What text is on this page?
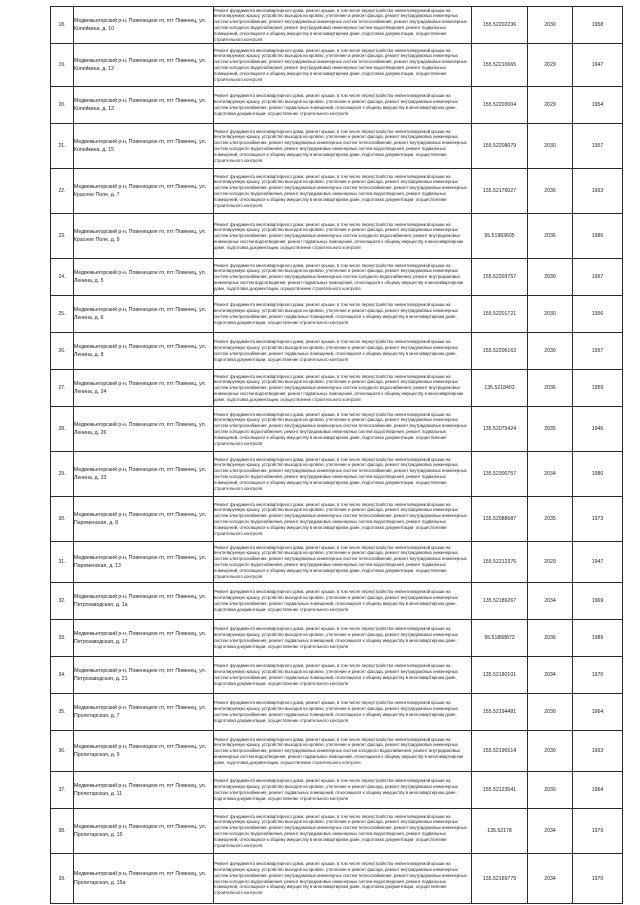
18.	Медвежьегорский р-н, Повенецкое гп, пгт Повенец, ул. Копейкина, д. 10	Ремонт фундамента многоквартирного дома, ремонт крыши, в том числе переустройство невентилируемой крыши на вентилируемую крышу, устройство выходов на кровлю, утепление и ремонт фасада, ремонт внутридомовых инженерных систем электроснабжения, ремонт внутридомовых инженерных систем теплоснабжения, ремонт внутридомовых инженерных систем холодного водоснабжения, ремонт внутридомовых инженерных систем водоотведения, ремонт подвальных помещений, относящихся к общему имуществу в многоквартирном доме, подготовка документации, осуществление строительного контроля	155.52202236	2030	1958
19.	Медвежьегорский р-н, Повенецкое гп, пгт Повенец, ул. Копейкина, д. 12	Ремонт фундамента многоквартирного дома, ремонт крыши, в том числе переустройство невентилируемой крыши на вентилируемую крышу, устройство выходов на кровлю, утепление и ремонт фасада, ремонт внутридомовых инженерных систем электроснабжения, ремонт внутридомовых инженерных систем теплоснабжения, ремонт внутридомовых инженерных систем холодного водоснабжения, ремонт внутридомовых инженерных систем водоотведения, ремонт подвальных помещений, относящихся к общему имуществу в многоквартирном доме, подготовка документации, осуществление строительного контроля	155.52210665	2029	1947
20.	Медвежьегорский р-н, Повенецкое гп, пгт Повенец, ул. Копейкина, д. 13	Ремонт фундамента многоквартирного дома, ремонт крыши, в том числе переустройство невентилируемой крыши на вентилируемую крышу, устройство выходов на кровлю, утепление и ремонт фасада, ремонт внутридомовых инженерных систем электроснабжения, ремонт подвальных помещений, относящихся к общему имуществу в многоквартирном доме, подготовка документации, осуществление строительного контроля	155.52203004	2029	1954
21.	Медвежьегорский р-н, Повенецкое гп, пгт Повенец, ул. Копейкина, д. 15	Ремонт фундамента многоквартирного дома, ремонт крыши, в том числе переустройство невентилируемой крыши на вентилируемую крышу, устройство выходов на кровлю, утепление и ремонт фасада, ремонт внутридомовых инженерных систем электроснабжения, ремонт внутридомовых инженерных систем теплоснабжения, ремонт внутридомовых инженерных систем холодного водоснабжения, ремонт внутридомовых инженерных систем водоотведения, ремонт подвальных помещений, относящихся к общему имуществу в многоквартирном доме, подготовка документации, осуществление строительного контроля	155.52208079	2030	1957
22.	Медвежьегорский р-н, Повенецкое гп, пгт Повенец, ул. Красное Поле, д. 7	Ремонт фундамента многоквартирного дома, ремонт крыши, в том числе переустройство невентилируемой крыши на вентилируемую крышу, устройство выходов на кровлю, утепление и ремонт фасада, ремонт внутридомовых инженерных систем электроснабжения, ремонт внутридомовых инженерных систем теплоснабжения, ремонт внутридомовых инженерных систем холодного водоснабжения, ремонт внутридомовых инженерных систем водоотведения, ремонт подвальных помещений, относящихся к общему имуществу в многоквартирном доме, подготовка документации, осуществление строительного контроля	135.52176027	2036	1963
23.	Медвежьегорский р-н, Повенецкое гп, пгт Повенец, ул. Красное Поле, д. 9	Ремонт фундамента многоквартирного дома, ремонт крыши, в том числе переустройство невентилируемой крыши на вентилируемую крышу, устройство выходов на кровлю, утепление и ремонт фасада, ремонт внутридомовых инженерных систем электроснабжения, ремонт внутридомовых инженерных систем холодного водоснабжения, ремонт внутридомовых инженерных систем водоотведения, ремонт подвальных помещений, относящихся к общему имуществу в многоквартирном доме, подготовка документации, осуществление строительного контроля	95.51983605	2036	1986
24.	Медвежьегорский р-н, Повенецкое гп, пгт Повенец, ул. Ленина, д. 5	Ремонт фундамента многоквартирного дома, ремонт крыши, в том числе переустройство невентилируемой крыши на вентилируемую крышу, устройство выходов на кровлю, утепление и ремонт фасада, ремонт внутридомовых инженерных систем электроснабжения, ремонт внутридомовых инженерных систем холодного водоснабжения, ремонт внутридомовых инженерных систем водоотведения, ремонт подвальных помещений, относящихся к общему имуществу в многоквартирном доме, подготовка документации, осуществление строительного контроля	155.52203757	2030	1957
25.	Медвежьегорский р-н, Повенецкое гп, пгт Повенец, ул. Ленина, д. 6	Ремонт фундамента многоквартирного дома, ремонт крыши, в том числе переустройство невентилируемой крыши на вентилируемую крышу, устройство выходов на кровлю, утепление и ремонт фасада, ремонт внутридомовых инженерных систем электроснабжения, ремонт подвальных помещений, относящихся к общему имуществу в многоквартирном доме, подготовка документации, осуществление строительного контроля	155.52201721	2030	1956
26.	Медвежьегорский р-н, Повенецкое гп, пгт Повенец, ул. Ленина, д. 8	Ремонт фундамента многоквартирного дома, ремонт крыши, в том числе переустройство невентилируемой крыши на вентилируемую крышу, устройство выходов на кровлю, утепление и ремонт фасада, ремонт внутридомовых инженерных систем электроснабжения, ремонт подвальных помещений, относящихся к общему имуществу в многоквартирном доме, подготовка документации, осуществление строительного контроля	155.52206163	2030	1957
27.	Медвежьегорский р-н, Повенецкое гп, пгт Повенец, ул. Ленина, д. 24	Ремонт фундамента многоквартирного дома, ремонт крыши, в том числе переустройство невентилируемой крыши на вентилируемую крышу, устройство выходов на кровлю, утепление и ремонт фасада, ремонт внутридомовых инженерных систем электроснабжения, ремонт внутридомовых инженерных систем холодного водоснабжения, ремонт внутридомовых инженерных систем водоотведения, ремонт подвальных помещений, относящихся к общему имуществу в многоквартирном доме, подготовка документации, осуществление строительного контроля	135.5218403	2036	1959
28.	Медвежьегорский р-н, Повенецкое гп, пгт Повенец, ул. Ленина, д. 26	Ремонт фундамента многоквартирного дома, ремонт крыши, в том числе переустройство невентилируемой крыши на вентилируемую крышу, устройство выходов на кровлю, утепление и ремонт фасада, ремонт внутридомовых инженерных систем электроснабжения, ремонт внутридомовых инженерных систем теплоснабжения, ремонт внутридомовых инженерных систем холодного водоснабжения, ремонт внутридомовых инженерных систем водоотведения, ремонт подвальных помещений, относящихся к общему имуществу в многоквартирном доме, подготовка документации, осуществление строительного контроля	135.52075424	2035	1946
29.	Медвежьегорский р-н, Повенецкое гп, пгт Повенец, ул. Ленина, д. 33	Ремонт фундамента многоквартирного дома, ремонт крыши, в том числе переустройство невентилируемой крыши на вентилируемую крышу, устройство выходов на кровлю, утепление и ремонт фасада, ремонт внутридомовых инженерных систем электроснабжения, ремонт внутридомовых инженерных систем теплоснабжения, ремонт внутридомовых инженерных систем холодного водоснабжения, ремонт внутридомовых инженерных систем водоотведения, ремонт подвальных помещений, относящихся к общему имуществу в многоквартирном доме, подготовка документации, осуществление строительного контроля	135.52300757	2034	1980
30.	Медвежьегорский р-н, Повенецкое гп, пгт Повенец, ул. Пароменская, д. 8	Ремонт фундамента многоквартирного дома, ремонт крыши, в том числе переустройство невентилируемой крыши на вентилируемую крышу, устройство выходов на кровлю, утепление и ремонт фасада, ремонт внутридомовых инженерных систем электроснабжения, ремонт внутридомовых инженерных систем теплоснабжения, ремонт внутридомовых инженерных систем холодного водоснабжения, ремонт внутридомовых инженерных систем водоотведения, ремонт подвальных помещений, относящихся к общему имуществу в многоквартирном доме, подготовка документации, осуществление строительного контроля	135.52088687	2035	1973
31.	Медвежьегорский р-н, Повенецкое гп, пгт Повенец, ул. Пароменская, д. 13	Ремонт фундамента многоквартирного дома, ремонт крыши, в том числе переустройство невентилируемой крыши на вентилируемую крышу, устройство выходов на кровлю, утепление и ремонт фасада, ремонт внутридомовых инженерных систем электроснабжения, ремонт внутридомовых инженерных систем теплоснабжения, ремонт внутридомовых инженерных систем холодного водоснабжения, ремонт внутридомовых инженерных систем водоотведения, ремонт подвальных помещений, относящихся к общему имуществу в многоквартирном доме, подготовка документации, осуществление строительного контроля	155.52212376	2029	1947
32.	Медвежьегорский р-н, Повенецкое гп, пгт Повенец, ул. Петрозаводская, д. 1а	Ремонт фундамента многоквартирного дома, ремонт крыши, в том числе переустройство невентилируемой крыши на вентилируемую крышу, устройство выходов на кровлю, утепление и ремонт фасада, ремонт внутридомовых инженерных систем электроснабжения, ремонт подвальных помещений, относящихся к общему имуществу в многоквартирном доме, подготовка документации, осуществление строительного контроля	135.52189267	2034	1969
33.	Медвежьегорский р-н, Повенецкое гп, пгт Повенец, ул. Петрозаводская, д. 17	Ремонт фундамента многоквартирного дома, ремонт крыши, в том числе переустройство невентилируемой крыши на вентилируемую крышу, устройство выходов на кровлю, утепление и ремонт фасада, ремонт внутридомовых инженерных систем электроснабжения, ремонт подвальных помещений, относящихся к общему имуществу в многоквартирном доме, подготовка документации, осуществление строительного контроля	95.51868873	2036	1989
34.	Медвежьегорский р-н, Повенецкое гп, пгт Повенец, ул. Петрозаводская, д. 21	Ремонт фундамента многоквартирного дома, ремонт крыши, в том числе переустройство невентилируемой крыши на вентилируемую крышу, устройство выходов на кровлю, утепление и ремонт фасада, ремонт внутридомовых инженерных систем электроснабжения, ремонт подвальных помещений, относящихся к общему имуществу в многоквартирном доме, подготовка документации, осуществление строительного контроля	135.52180101	2034	1970
35.	Медвежьегорский р-н, Повенецкое гп, пгт Повенец, ул. Пролетарская, д. 7	Ремонт фундамента многоквартирного дома, ремонт крыши, в том числе переустройство невентилируемой крыши на вентилируемую крышу, устройство выходов на кровлю, утепление и ремонт фасада, ремонт внутридомовых инженерных систем электроснабжения, ремонт подвальных помещений, относящихся к общему имуществу в многоквартирном доме, подготовка документации, осуществление строительного контроля	155.52194481	2030	1964
36.	Медвежьегорский р-н, Повенецкое гп, пгт Повенец, ул. Пролетарская, д. 9	Ремонт фундамента многоквартирного дома, ремонт крыши, в том числе переустройство невентилируемой крыши на вентилируемую крышу, устройство выходов на кровлю, утепление и ремонт фасада, ремонт внутридомовых инженерных систем электроснабжения, ремонт внутридомовых инженерных систем холодного водоснабжения, ремонт внутридомовых инженерных систем водоотведения, ремонт подвальных помещений, относящихся к общему имуществу в многоквартирном доме, подготовка документации, осуществление строительного контроля	155.52196514	2030	1963
37.	Медвежьегорский р-н, Повенецкое гп, пгт Повенец, ул. Пролетарская, д. 11	Ремонт фундамента многоквартирного дома, ремонт крыши, в том числе переустройство невентилируемой крыши на вентилируемую крышу, устройство выходов на кровлю, утепление и ремонт фасада, ремонт внутридомовых инженерных систем электроснабжения, ремонт подвальных помещений, относящихся к общему имуществу в многоквартирном доме, подготовка документации, осуществление строительного контроля	155.52123541	2030	1964
38.	Медвежьегорский р-н, Повенецкое гп, пгт Повенец, ул. Пролетарская, д. 15	Ремонт фундамента многоквартирного дома, ремонт крыши, в том числе переустройство невентилируемой крыши на вентилируемую крышу, устройство выходов на кровлю, утепление и ремонт фасада, ремонт внутридомовых инженерных систем электроснабжения, ремонт внутридомовых инженерных систем теплоснабжения, ремонт внутридомовых инженерных систем холодного водоснабжения, ремонт внутридомовых инженерных систем водоотведения, ремонт подвальных помещений, относящихся к общему имуществу в многоквартирном доме, подготовка документации, осуществление строительного контроля	135.52178	2034	1979
39.	Медвежьегорский р-н, Повенецкое гп, пгт Повенец, ул. Пролетарская, д. 15а	Ремонт фундамента многоквартирного дома, ремонт крыши, в том числе переустройство невентилируемой крыши на вентилируемую крышу, устройство выходов на кровлю, утепление и ремонт фасада, ремонт внутридомовых инженерных систем электроснабжения, ремонт внутридомовых инженерных систем теплоснабжения, ремонт внутридомовых инженерных систем холодного водоснабжения, ремонт внутридомовых инженерных систем водоотведения, ремонт подвальных помещений, относящихся к общему имуществу в многоквартирном доме, подготовка документации, осуществление строительного контроля	135.52169779	2034	1970
